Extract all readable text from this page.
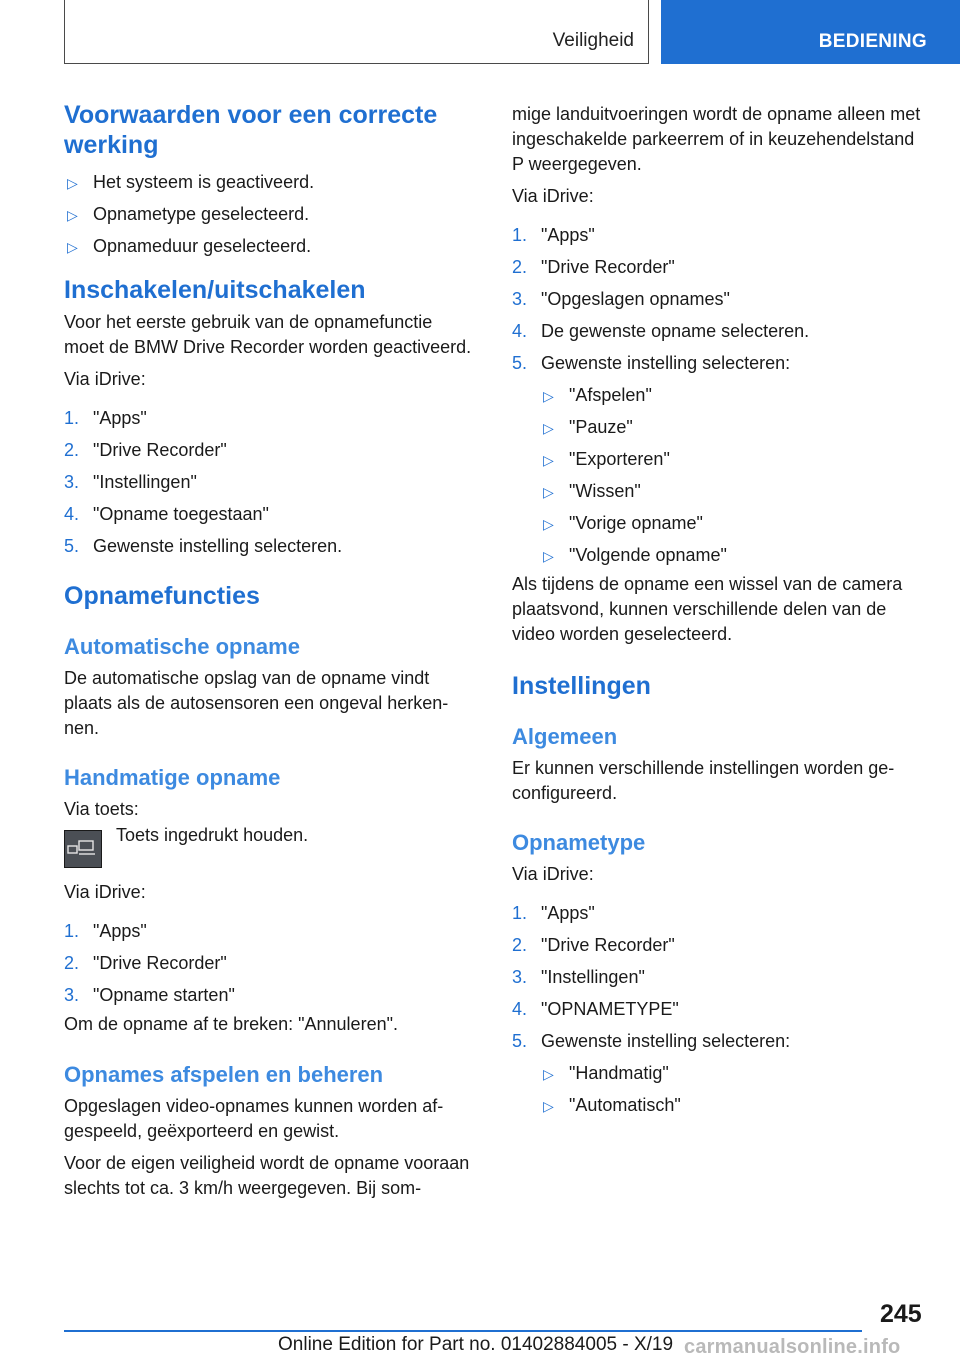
Veiligheid	BEDIENING
Voorwaarden voor een correcte werking
▷ Het systeem is geactiveerd.
▷ Opnametype geselecteerd.
▷ Opnameduur geselecteerd.
Inschakelen/uitschakelen

Voor het eerste gebruik van de opnamefunctie moet de BMW Drive Recorder worden geactiveerd.

Via iDrive:

1. "Apps"
2. "Drive Recorder"
3. "Instellingen"
4. "Opname toegestaan"
5. Gewenste instelling selecteren.
Opnamefuncties
Automatische opname

De automatische opslag van de opname vindt plaats als de autosensoren een ongeval herkennen.

Handmatige opname

Via toets:

Toets ingedrukt houden.

Via iDrive:

1. "Apps"
2. "Drive Recorder"
3. "Opname starten"

Om de opname af te breken: "Annuleren".

Opnames afspelen en beheren

Opgeslagen video-opnames kunnen worden afgespeeld, geëxporteerd en gewist.

Voor de eigen veiligheid wordt de opname vooraan slechts tot ca. 3 km/h weergegeven. Bij som-

mige landuitvoeringen wordt de opname alleen met ingeschakelde parkeerrem of in keuzehendelstand P weergegeven.

Via iDrive:

1. "Apps"
2. "Drive Recorder"
3. "Opgeslagen opnames"
4. De gewenste opname selecteren.
5. Gewenste instelling selecteren:
▷ "Afspelen"
▷ "Pauze"
▷ "Exporteren"
▷ "Wissen"
▷ "Vorige opname"
▷ "Volgende opname"

Als tijdens de opname een wissel van de camera plaatsvond, kunnen verschillende delen van de video worden geselecteerd.

Instellingen
Algemeen

Er kunnen verschillende instellingen worden geconfigureerd.

Opnametype

Via iDrive:

1. "Apps"
2. "Drive Recorder"
3. "Instellingen"
4. "OPNAMETYPE"
5. Gewenste instelling selecteren:
▷ "Handmatig"
▷ "Automatisch"
245
Online Edition for Part no. 01402884005 - X/19 carmanualsonline.info
